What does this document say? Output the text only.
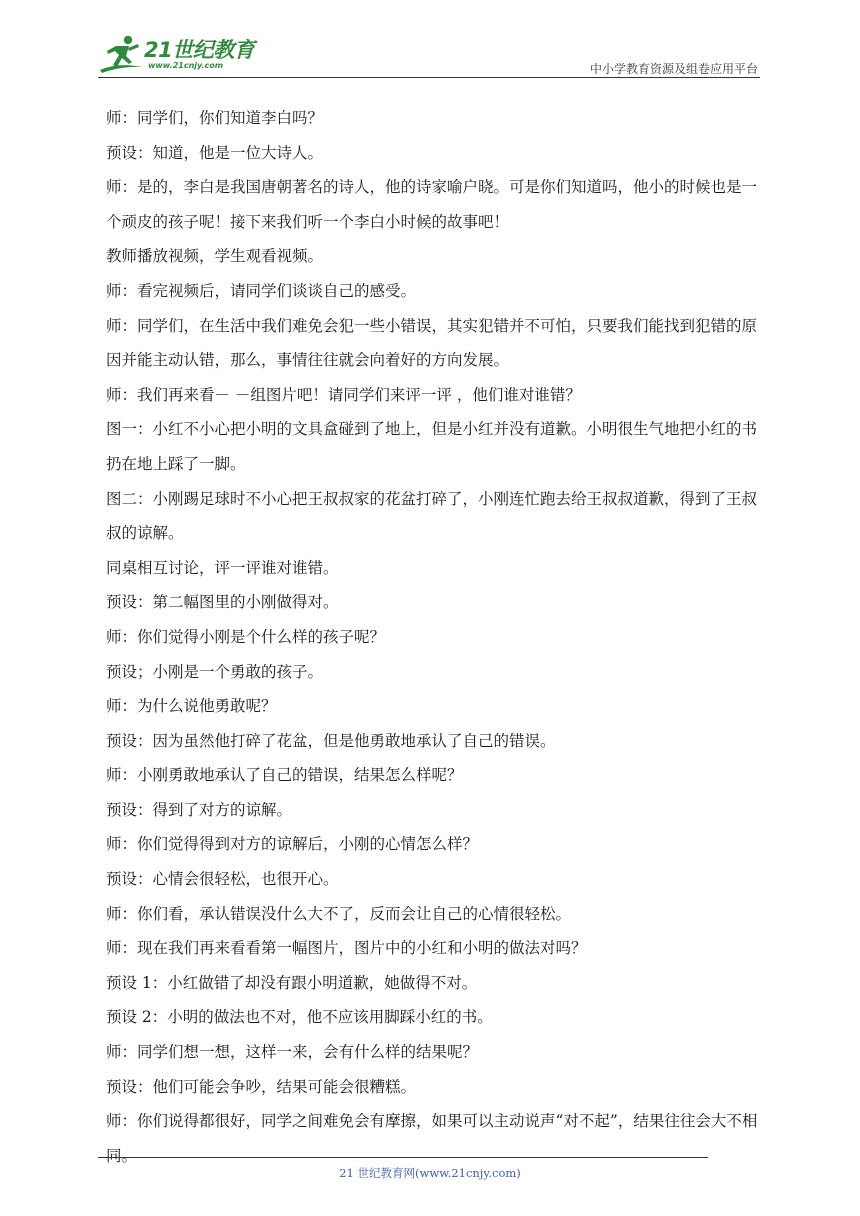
21世纪教育
www.21cnjy.com	中小学教育资源及组卷应用平台

师：同学们，你们知道李白吗？

预设：知道，他是一位大诗人。

师：是的，李白是我国唐朝著名的诗人，他的诗家喻户晓。可是你们知道吗，他小的时候也是一个顽皮的孩子呢！接下来我们听一个李白小时候的故事吧！

教师播放视频，学生观看视频。

师：看完视频后，请同学们谈谈自己的感受。

师：同学们，在生活中我们难免会犯一些小错误，其实犯错并不可怕，只要我们能找到犯错的原因并能主动认错，那么，事情往往就会向着好的方向发展。

师：我们再来看－ －组图片吧！请同学们来评一评 ，他们谁对谁错？

图一：小红不小心把小明的文具盒碰到了地上，但是小红并没有道歉。小明很生气地把小红的书扔在地上踩了一脚。

图二：小刚踢足球时不小心把王叔叔家的花盆打碎了，小刚连忙跑去给王叔叔道歉，得到了王叔叔的谅解。

同桌相互讨论，评一评谁对谁错。

预设：第二幅图里的小刚做得对。

师：你们觉得小刚是个什么样的孩子呢？

预设；小刚是一个勇敢的孩子。

师：为什么说他勇敢呢？

预设：因为虽然他打碎了花盆，但是他勇敢地承认了自己的错误。

师：小刚勇敢地承认了自己的错误，结果怎么样呢？

预设：得到了对方的谅解。

师：你们觉得得到对方的谅解后，小刚的心情怎么样？

预设：心情会很轻松，也很开心。

师：你们看，承认错误没什么大不了，反而会让自己的心情很轻松。

师：现在我们再来看看第一幅图片，图片中的小红和小明的做法对吗？

预设 1：小红做错了却没有跟小明道歉，她做得不对。

预设 2：小明的做法也不对，他不应该用脚踩小红的书。

师：同学们想一想，这样一来，会有什么样的结果呢？

预设：他们可能会争吵，结果可能会很糟糕。

师：你们说得都很好，同学之间难免会有摩擦，如果可以主动说声“对不起”，结果往往会大不相同。

21 世纪教育网(www.21cnjy.com)
